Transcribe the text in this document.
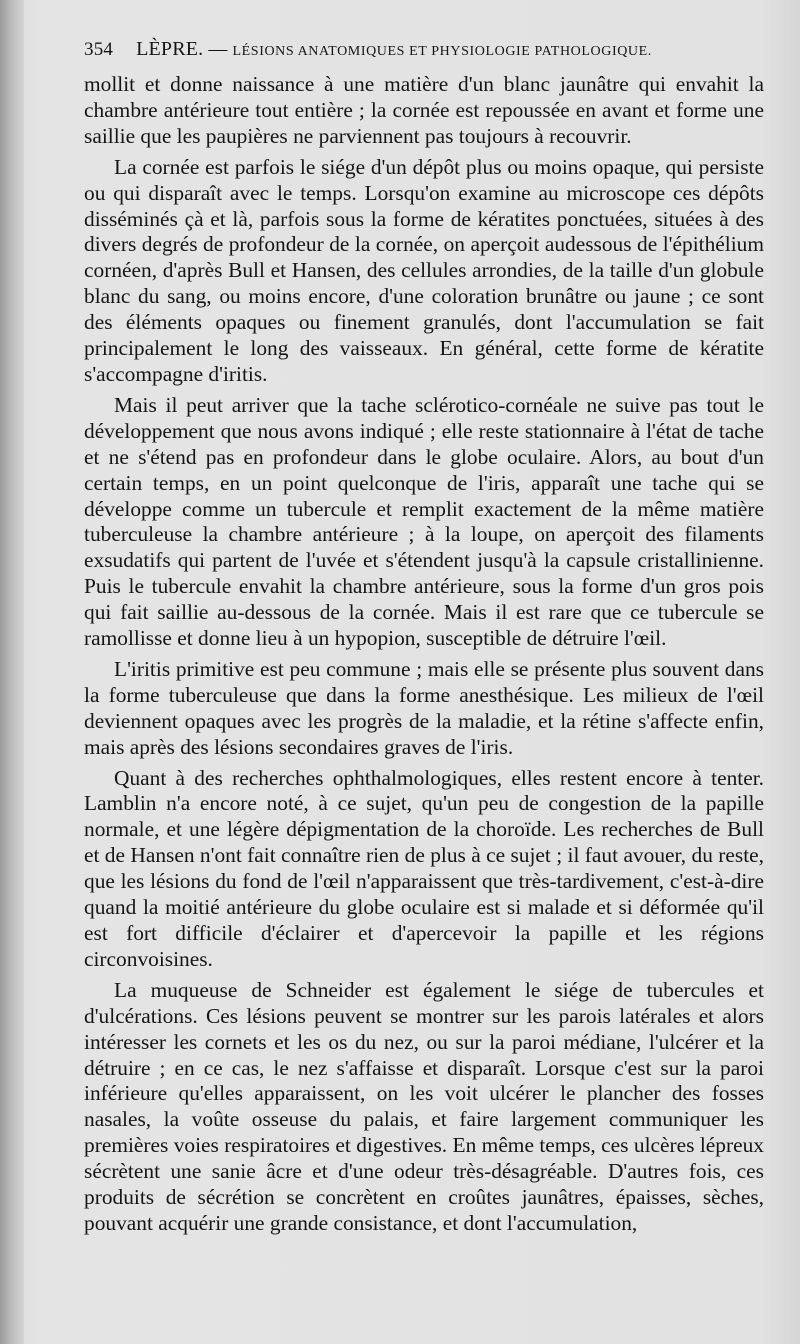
354 LÈPRE. — LÉSIONS ANATOMIQUES ET PHYSIOLOGIE PATHOLOGIQUE.

mollit et donne naissance à une matière d'un blanc jaunâtre qui envahit la chambre antérieure tout entière ; la cornée est repoussée en avant et forme une saillie que les paupières ne parviennent pas toujours à recouvrir.

La cornée est parfois le siége d'un dépôt plus ou moins opaque, qui persiste ou qui disparaît avec le temps. Lorsqu'on examine au microscope ces dépôts disséminés çà et là, parfois sous la forme de kératites ponctuées, situées à des divers degrés de profondeur de la cornée, on aperçoit audessous de l'épithélium cornéen, d'après Bull et Hansen, des cellules arrondies, de la taille d'un globule blanc du sang, ou moins encore, d'une coloration brunâtre ou jaune ; ce sont des éléments opaques ou finement granulés, dont l'accumulation se fait principalement le long des vaisseaux. En général, cette forme de kératite s'accompagne d'iritis.

Mais il peut arriver que la tache sclérotico-cornéale ne suive pas tout le développement que nous avons indiqué ; elle reste stationnaire à l'état de tache et ne s'étend pas en profondeur dans le globe oculaire. Alors, au bout d'un certain temps, en un point quelconque de l'iris, apparaît une tache qui se développe comme un tubercule et remplit exactement de la même matière tuberculeuse la chambre antérieure ; à la loupe, on aperçoit des filaments exsudatifs qui partent de l'uvée et s'étendent jusqu'à la capsule cristallinienne. Puis le tubercule envahit la chambre antérieure, sous la forme d'un gros pois qui fait saillie au-dessous de la cornée. Mais il est rare que ce tubercule se ramollisse et donne lieu à un hypopion, susceptible de détruire l'œil.

L'iritis primitive est peu commune ; mais elle se présente plus souvent dans la forme tuberculeuse que dans la forme anesthésique. Les milieux de l'œil deviennent opaques avec les progrès de la maladie, et la rétine s'affecte enfin, mais après des lésions secondaires graves de l'iris.

Quant à des recherches ophthalmologiques, elles restent encore à tenter. Lamblin n'a encore noté, à ce sujet, qu'un peu de congestion de la papille normale, et une légère dépigmentation de la choroïde. Les recherches de Bull et de Hansen n'ont fait connaître rien de plus à ce sujet ; il faut avouer, du reste, que les lésions du fond de l'œil n'apparaissent que très-tardivement, c'est-à-dire quand la moitié antérieure du globe oculaire est si malade et si déformée qu'il est fort difficile d'éclairer et d'apercevoir la papille et les régions circonvoisines.

La muqueuse de Schneider est également le siége de tubercules et d'ulcérations. Ces lésions peuvent se montrer sur les parois latérales et alors intéresser les cornets et les os du nez, ou sur la paroi médiane, l'ulcérer et la détruire ; en ce cas, le nez s'affaisse et disparaît. Lorsque c'est sur la paroi inférieure qu'elles apparaissent, on les voit ulcérer le plancher des fosses nasales, la voûte osseuse du palais, et faire largement communiquer les premières voies respiratoires et digestives. En même temps, ces ulcères lépreux sécrètent une sanie âcre et d'une odeur très-désagréable. D'autres fois, ces produits de sécrétion se concrètent en croûtes jaunâtres, épaisses, sèches, pouvant acquérir une grande consistance, et dont l'accumulation,
